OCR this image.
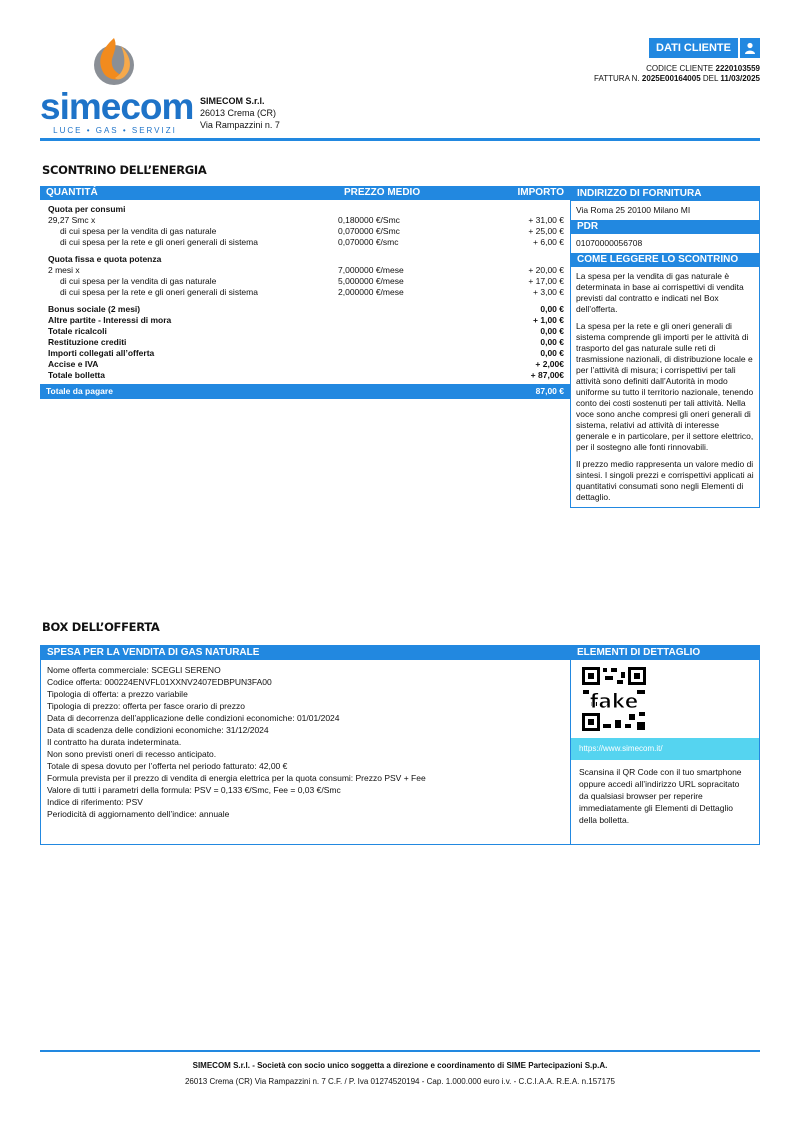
simecom
LUCE • GAS • SERVIZI
SIMECOM S.r.l.
26013 Crema (CR)
Via Rampazzini n. 7
DATI CLIENTE
CODICE CLIENTE 2220103559
FATTURA N. 2025E00164005 DEL 11/03/2025
SCONTRINO DELL’ENERGIA
QUANTITÁ	PREZZO MEDIO	IMPORTO
Quota per consumi
29,27 Smc x	0,180000 €/Smc	+ 31,00 €
di cui spesa per la vendita di gas naturale	0,070000 €/Smc	+ 25,00 €
di cui spesa per la rete e gli oneri generali di sistema	0,070000 €/smc	+ 6,00 €
Quota fissa e quota potenza
2 mesi x	7,000000 €/mese	+ 20,00 €
di cui spesa per la vendita di gas naturale	5,000000 €/mese	+ 17,00 €
di cui spesa per la rete e gli oneri generali di sistema	2,000000 €/mese	+ 3,00 €
Bonus sociale (2 mesi)	0,00 €
Altre partite - Interessi di mora	+ 1,00 €
Totale ricalcoli	0,00 €
Restituzione crediti	0,00 €
Importi collegati all’offerta	0,00 €
Accise e IVA	+ 2,00€
Totale bolletta	+ 87,00€
Totale da pagare	87,00 €
INDIRIZZO DI FORNITURA
Via Roma 25 20100 Milano MI
PDR
01070000056708
COME LEGGERE LO SCONTRINO

La spesa per la vendita di gas naturale è determinata in base ai corrispettivi di vendita previsti dal contratto e indicati nel Box dell’offerta.

La spesa per la rete e gli oneri generali di sistema comprende gli importi per le attività di trasporto del gas naturale sulle reti di trasmissione nazionali, di distribuzione locale e per l’attività di misura; i corrispettivi per tali attività sono definiti dall’Autorità in modo uniforme su tutto il territorio nazionale, tenendo conto dei costi sostenuti per tali attività. Nella voce sono anche compresi gli oneri generali di sistema, relativi ad attività di interesse generale e in particolare, per il settore elettrico, per il sostegno alle fonti rinnovabili.

Il prezzo medio rappresenta un valore medio di sintesi. I singoli prezzi e corrispettivi applicati ai quantitativi consumati sono negli Elementi di dettaglio.

BOX DELL’OFFERTA
SPESA PER LA VENDITA DI GAS NATURALE
Nome offerta commerciale: SCEGLI SERENO
Codice offerta: 000224ENVFL01XXNV2407EDBPUN3FA00
Tipologia di offerta: a prezzo variabile
Tipologia di prezzo: offerta per fasce orario di prezzo
Data di decorrenza dell’applicazione delle condizioni economiche: 01/01/2024
Data di scadenza delle condizioni economiche: 31/12/2024
Il contratto ha durata indeterminata.
Non sono previsti oneri di recesso anticipato.
Totale di spesa dovuto per l’offerta nel periodo fatturato: 42,00 €
Formula prevista per il prezzo di vendita di energia elettrica per la quota consumi: Prezzo PSV + Fee
Valore di tutti i parametri della formula: PSV = 0,133 €/Smc, Fee = 0,03 €/Smc
Indice di riferimento: PSV
Periodicità di aggiornamento dell’indice: annuale
ELEMENTI DI DETTAGLIO
fake
https://www.simecom.it/
Scansina il QR Code con il tuo smartphone oppure accedi all’indirizzo URL sopracitato da qualsiasi browser per reperire immediatamente gli Elementi di Dettaglio della bolletta.
SIMECOM S.r.l. - Società con socio unico soggetta a direzione e coordinamento di SIME Partecipazioni S.p.A.
26013 Crema (CR) Via Rampazzini n. 7 C.F. / P. Iva 01274520194 - Cap. 1.000.000 euro i.v. - C.C.I.A.A. R.E.A. n.157175
